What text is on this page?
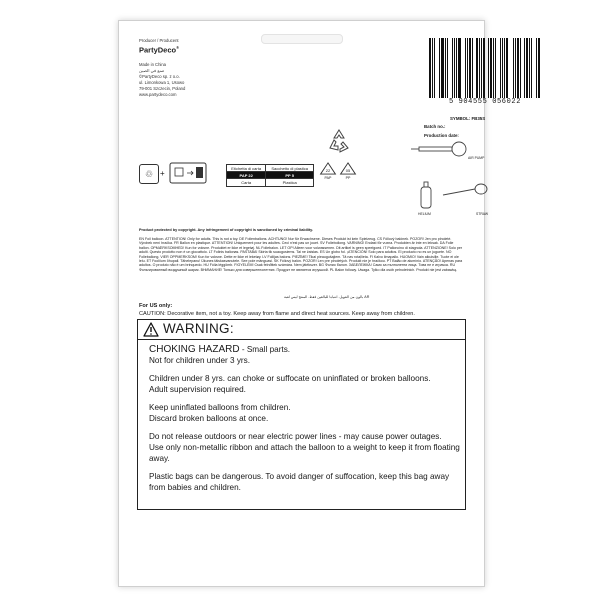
Producer / Producent
PartyDeco®
Made in China
صنع في الصين
©PartyDeco sp. z o.o.
ul. Limonkowa 1, Usowo
79-001 Szczecin, Poland
www.partydeco.com
5 904555 056022
SYMBOL: FB35S
Batch no.:
Production date:
♲ +
Etichetta di carta	Sacchetto di plastica
PAP 22	PP 5
Carta	Plastica
22
PAP
05
PP
AIR PUMP
HELIUM	STRAW
Product protected by copyright. Any infringement of copyright is sanctioned by criminal liability.
EN Foil balloon. ATTENTION! Only for adults. This is not a toy. DE Folienballons. ACHTUNG! Nur für Erwachsene. Dieses Produkt ist kein Spielzeug. CS Fóliový balónek. POZOR! Jen pro plnoleté. Výrobek není hračka. FR Ballon en plastique. ATTENTION! Uniquement pour les adultes. Ceci n'est pas un jouet. SV Foliebollong. VARNING! Endast för vuxna. Produkten är inte en leksak. DA Folie ballon. OPMÆRKSOMHED! Kun for voksne. Produktet er ikke et legetøj. NL Foliebalon. LET OP! Alleen voor volwassenen. Dit artikel is geen speelgoed. IT Palloncino di stagnola. ATTENZIONE! Solo per adulti. Questo prodotto non è un giocattolo. LT Folinis balionas. PASTABA! Skirta tik suaugusiems. Tai ne žaislas. ES Un globo fol. ¡ATENCIÓN! Solo para adultos. El producto no es un juguete. NO Folieballong. VIER OPPMERKSOM! Kun for voksne. Dette er ikke et leketøy. LV Foliijas balons. PIEZĪME! Tikai pieaugušajiem. Tā nav rotaļlieta. FI Kalvo ilmapallo. HUOMIO! Vain aikuisille. Tuote ei ole lelu. ET Fooliium õhupall. Tähelepanu! Ükunes täiskasvanutele. See pole mänguasi. SK Fóliový balón. POZOR! Len pre plnoletých. Produkt nie je hračkou. PT Balão de alumínio. ATENÇÃO! Apenas para adultos. O produto não é um brinquedo. HU Fólia léggömb. FIGYELEM! Csak felnőttek számára. Nem játékszer. BG Фолио балон. ЗАБЕЛЕЖКА! Само за пълнолетни лица. Това не е играчка. RU Фольгированный воздушный шарик. ВНИМАНИЕ! Только для совершеннолетних. Продукт не является игрушкой. PL Balon foliowy. Uwaga. Tylko dla osób pełnoletnich. Produkt nie jest zabawką.
بالون من الفويل. انتباه! للبالغين فقط. المنتج ليس لعبة AR
For US only:
CAUTION: Decorative item, not a toy. Keep away from flame and direct heat sources. Keep away from children.
WARNING:
CHOKING HAZARD - Small parts.
Not for children under 3 yrs.
Children under 8 yrs. can choke or suffocate on uninflated or broken balloons.
Adult supervision required.
Keep uninflated balloons from children.
Discard broken balloons at once.
Do not release outdoors or near electric power lines - may cause power outages.
Use only non-metallic ribbon and attach the balloon to a weight to keep it from floating
away.
Plastic bags can be dangerous. To avoid danger of suffocation, keep this bag away
from babies and children.
